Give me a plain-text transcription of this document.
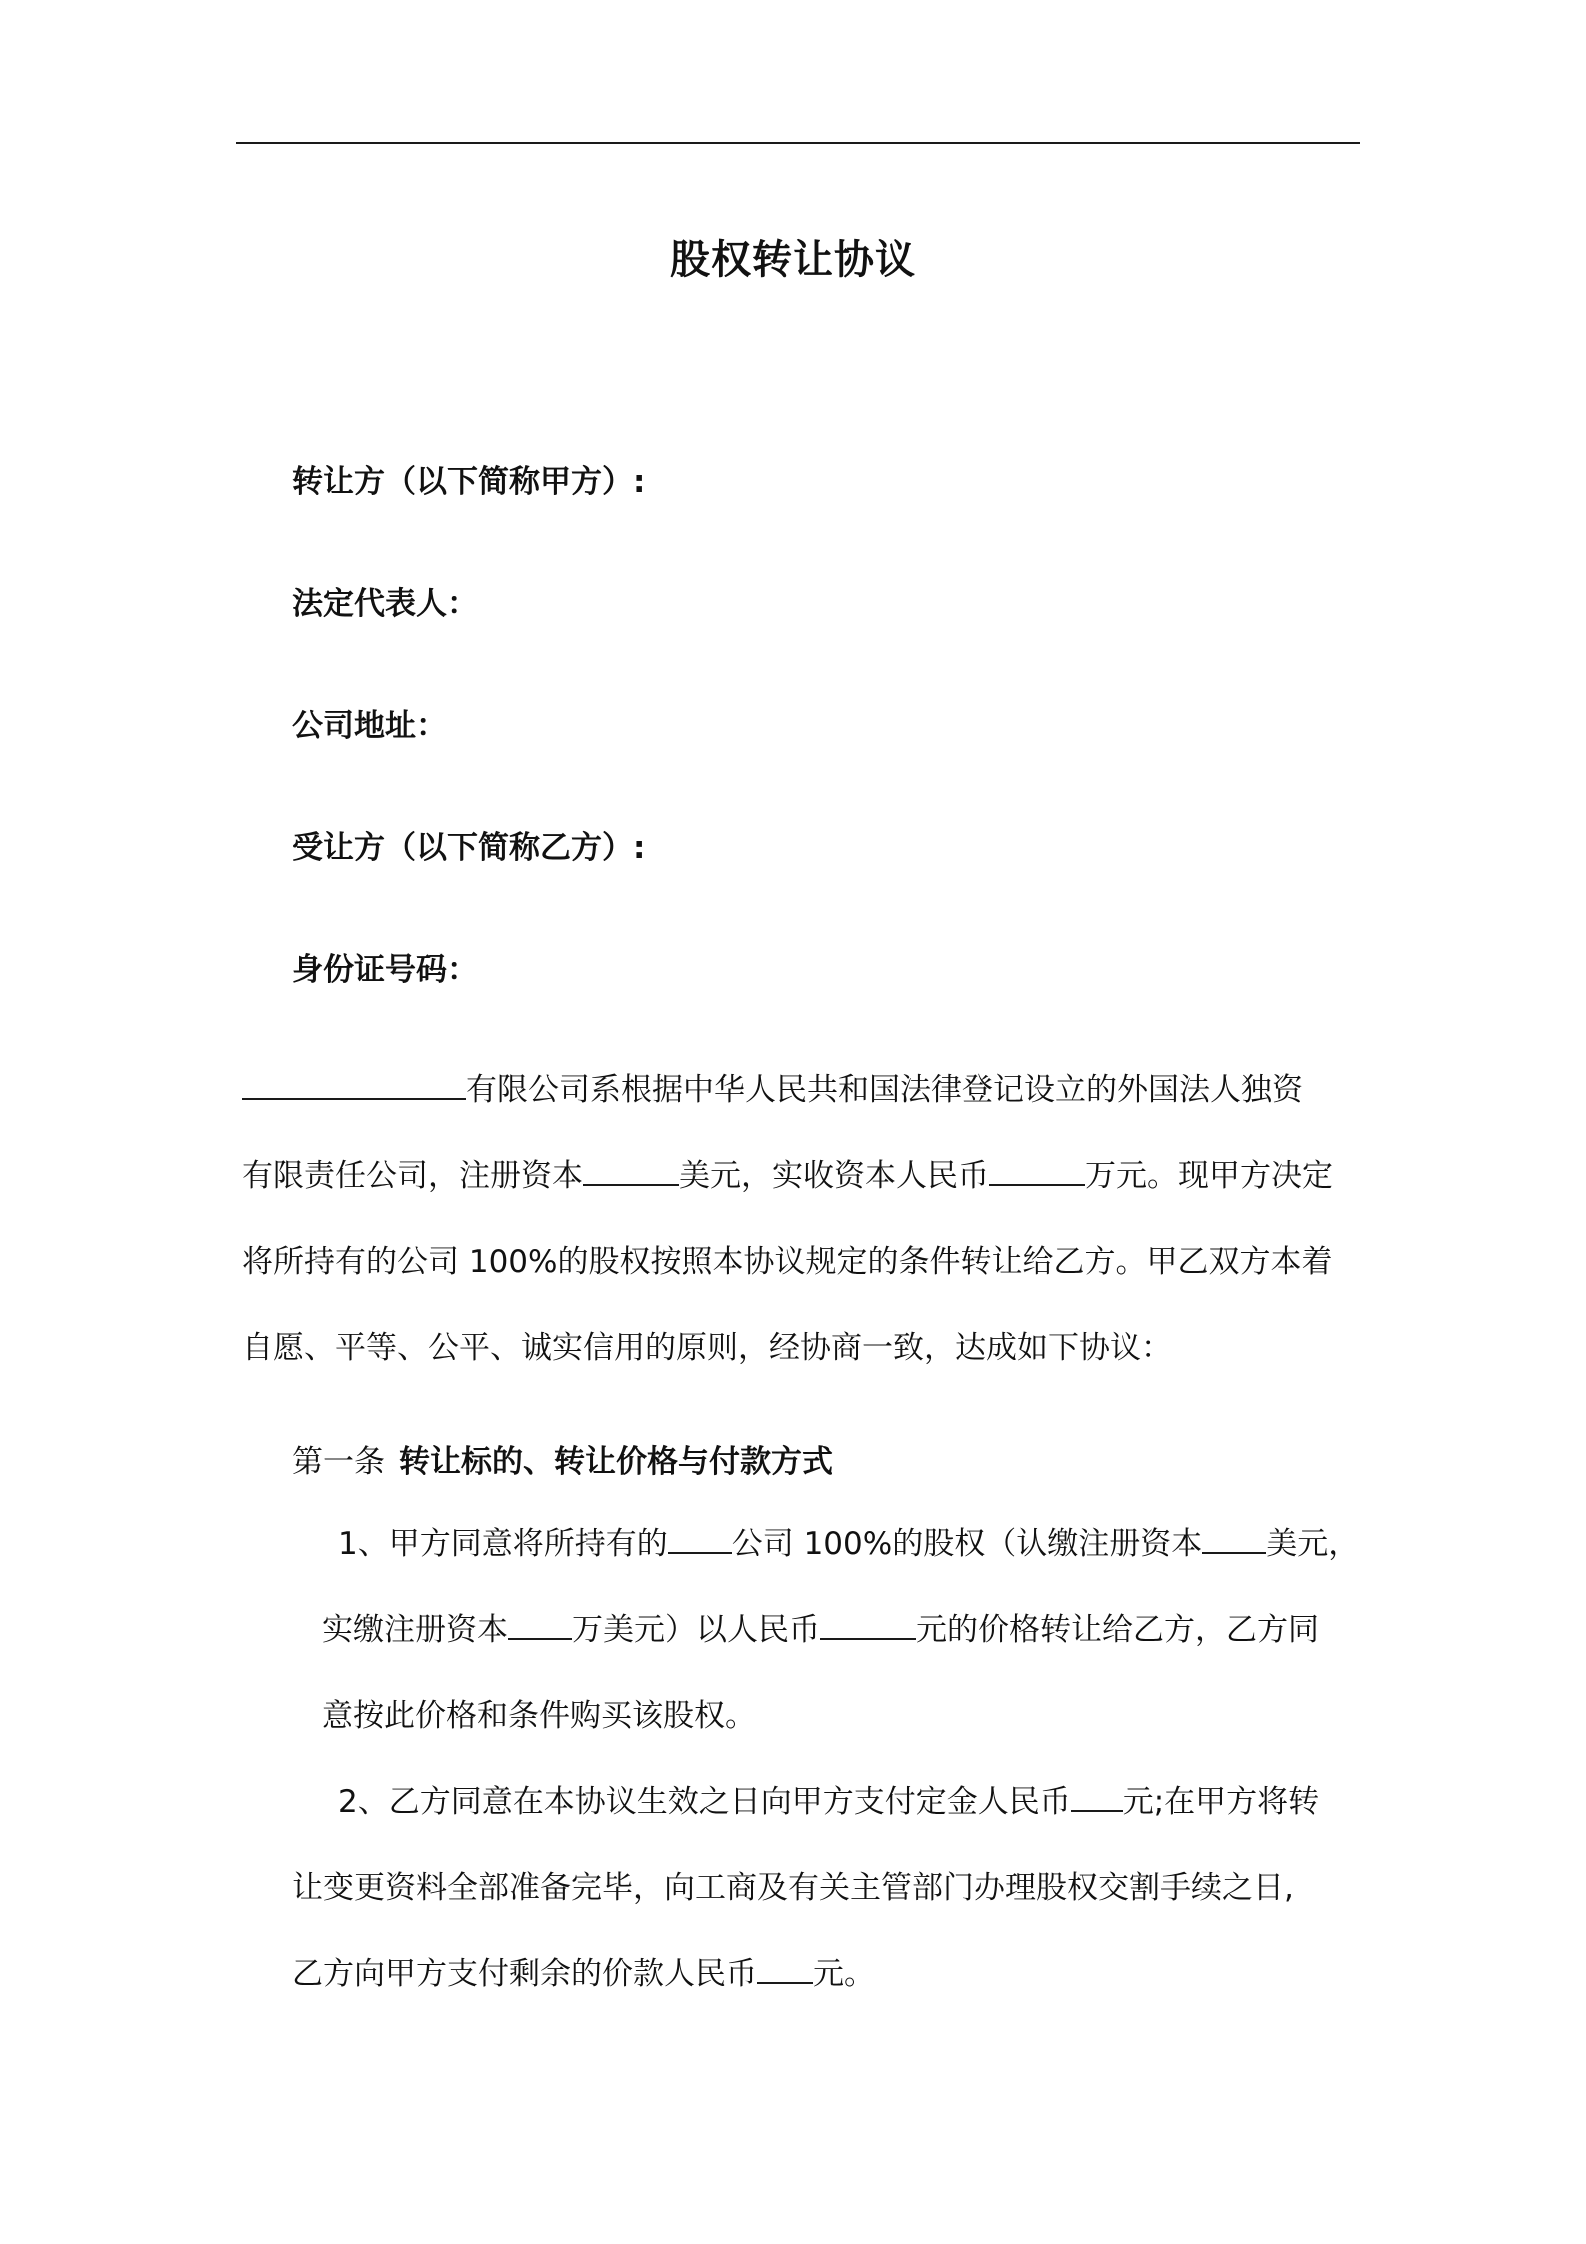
股权转让协议
转让方（以下简称甲方）:
法定代表人：
公司地址：
受让方（以下简称乙方）:
身份证号码：
有限公司系根据中华人民共和国法律登记设立的外国法人独资
有限责任公司，注册资本	美元，实收资本人民币	万元。现甲方决定
将所持有的公司 100%的股权按照本协议规定的条件转让给乙方。甲乙双方本着
自愿、平等、公平、诚实信用的原则，经协商一致，达成如下协议：
第一条 转让标的、转让价格与付款方式
1、甲方同意将所持有的 公司 100%的股权（认缴注册资本 美元，
实缴注册资本 万美元）以人民币	元的价格转让给乙方，乙方同
意按此价格和条件购买该股权。
2、乙方同意在本协议生效之日向甲方支付定金人民币 元;在甲方将转
让变更资料全部准备完毕，向工商及有关主管部门办理股权交割手续之日,
乙方向甲方支付剩余的价款人民币 元。
